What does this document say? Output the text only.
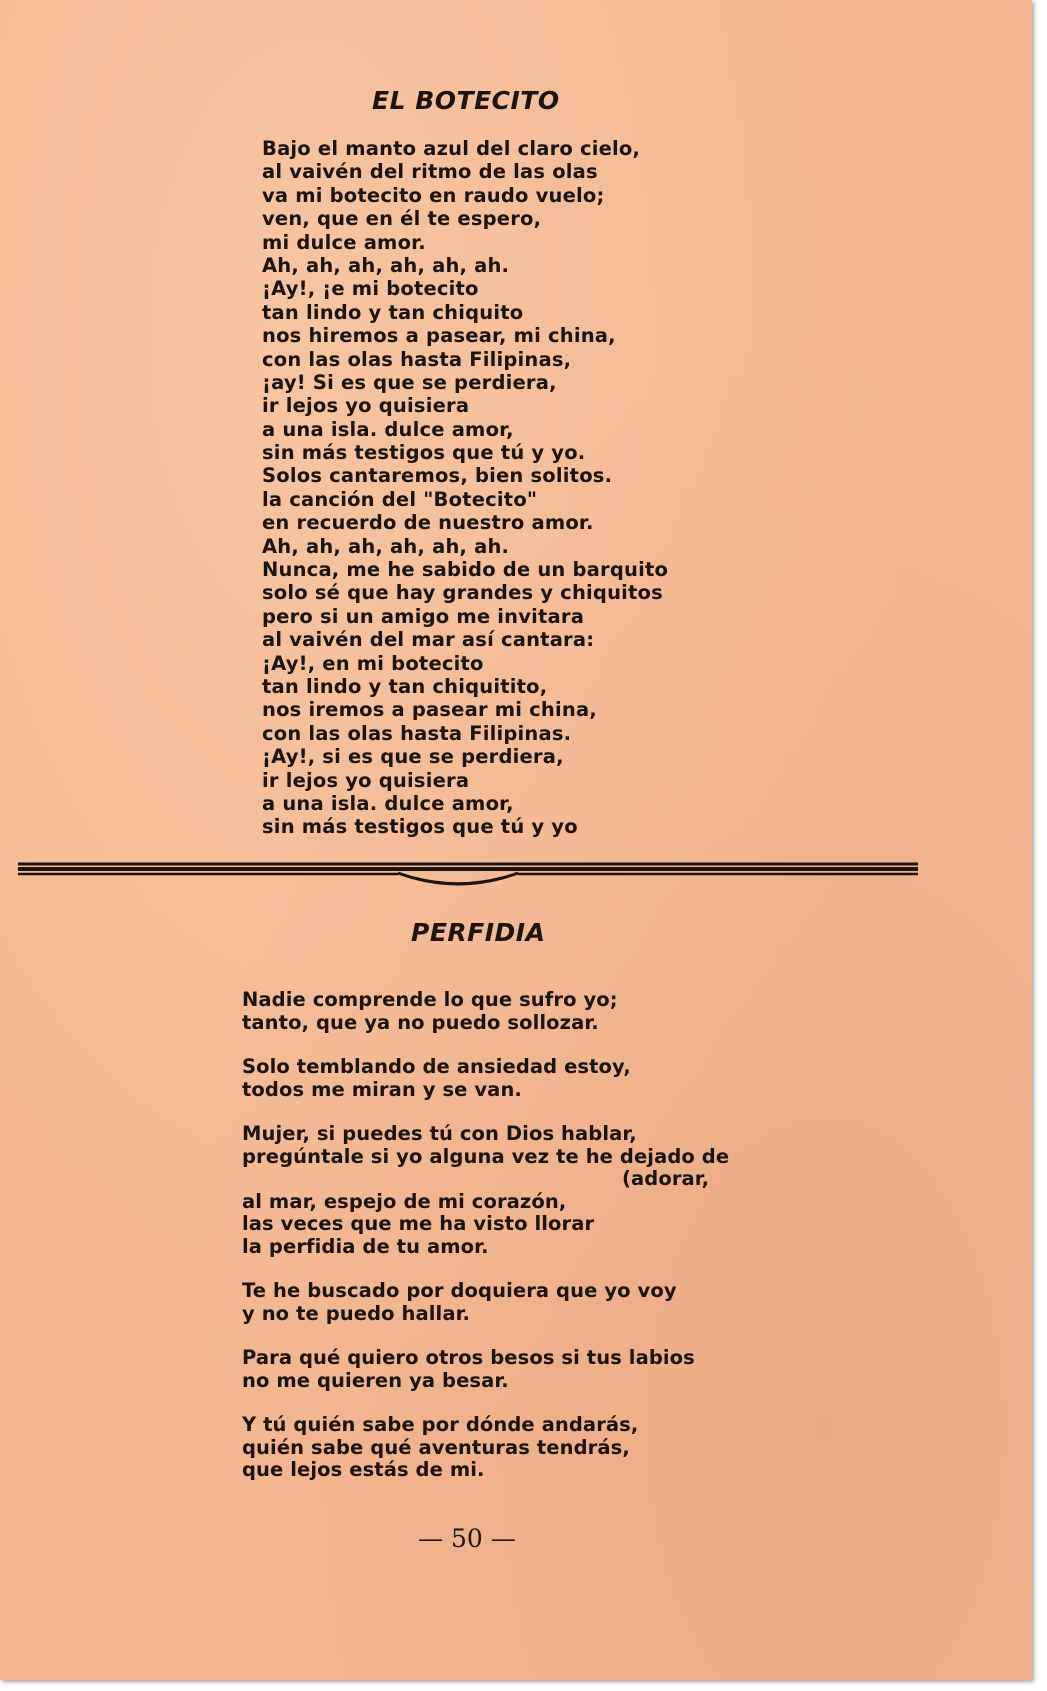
EL BOTECITO
Bajo el manto azul del claro cielo,
al vaivén del ritmo de las olas
va mi botecito en raudo vuelo;
ven, que en él te espero,
mi dulce amor.
Ah, ah, ah, ah, ah, ah.
¡Ay!, ¡e mi botecito
tan lindo y tan chiquito
nos hiremos a pasear, mi china,
con las olas hasta Filipinas,
¡ay! Si es que se perdiera,
ir lejos yo quisiera
a una isla. dulce amor,
sin más testigos que tú y yo.
Solos cantaremos, bien solitos.
la canción del "Botecito"
en recuerdo de nuestro amor.
Ah, ah, ah, ah, ah, ah.
Nunca, me he sabido de un barquito
solo sé que hay grandes y chiquitos
pero si un amigo me invitara
al vaivén del mar así cantara:
¡Ay!, en mi botecito
tan lindo y tan chiquitito,
nos iremos a pasear mi china,
con las olas hasta Filipinas.
¡Ay!, si es que se perdiera,
ir lejos yo quisiera
a una isla. dulce amor,
sin más testigos que tú y yo
PERFIDIA
Nadie comprende lo que sufro yo;
tanto, que ya no puedo sollozar.
Solo temblando de ansiedad estoy,
todos me miran y se van.
Mujer, si puedes tú con Dios hablar,
pregúntale si yo alguna vez te he dejado de
(adorar,
al mar, espejo de mi corazón,
las veces que me ha visto llorar
la perfidia de tu amor.
Te he buscado por doquiera que yo voy
y no te puedo hallar.
Para qué quiero otros besos si tus labios
no me quieren ya besar.
Y tú quién sabe por dónde andarás,
quién sabe qué aventuras tendrás,
que lejos estás de mi.
— 50 —
